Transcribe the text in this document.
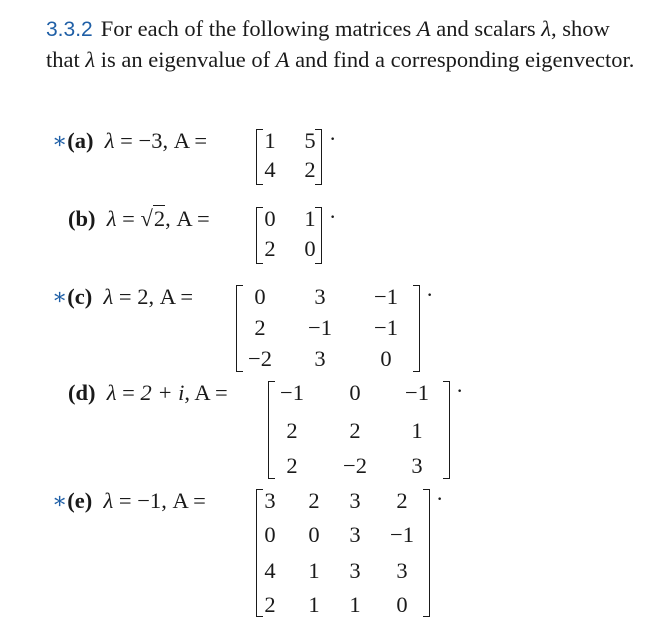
3.3.2 For each of the following matrices A and scalars λ, show that λ is an eigenvalue of A and find a corresponding eigenvector.
∗(a) λ = −3, A =	1 5
4 2
·
(b) λ = √2, A = 0 1
2 0
·
∗(c) λ = 2, A =	0 3 −1
2 −1 −1
−2 3 0
·
(d) λ = 2 + i, A = −1 0 −1
2 2 1
2 −2 3
·
∗(e) λ = −1, A =	3 2 3 2
0 0 3 −1
4 1 3 3
2 1 1 0
·
